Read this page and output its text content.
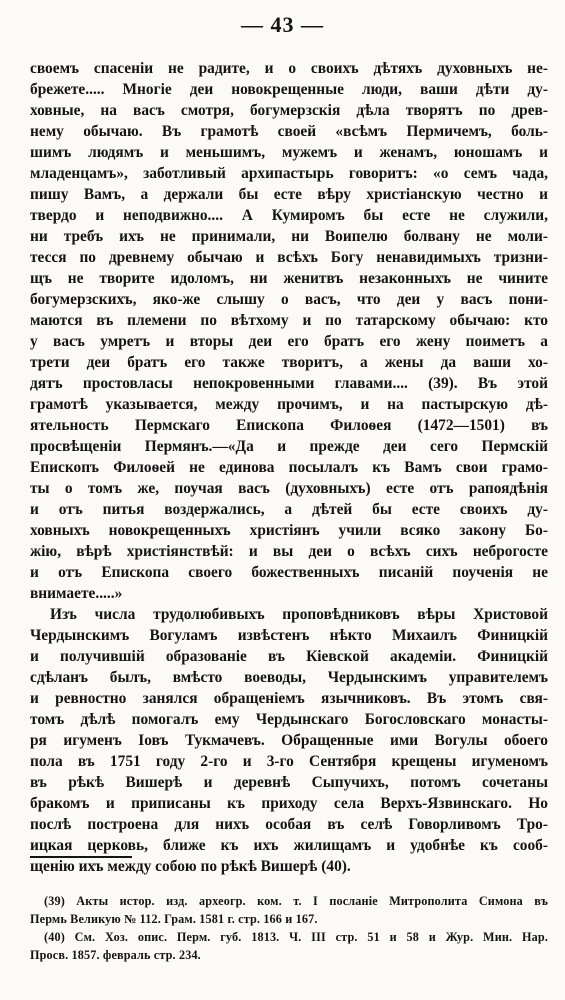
— 43 —
своемъ спасенiи не радите, и о своихъ дѣтяхъ духовныхъ не-
брежете..... Многiе деи новокрещенные люди, ваши дѣти ду-
ховные, на васъ смотря, богумерзскiя дѣла творятъ по древ-
нему обычаю. Въ грамотѣ своей «всѣмъ Пермичемъ, боль-
шимъ людямъ и меньшимъ, мужемъ и женамъ, юношамъ и
младенцамъ», заботливый архипастырь говоритъ: «о семъ чада,
пишу Вамъ, а держали бы есте вѣру христiанскую честно и
твердо и неподвижно.... А Кумиромъ бы есте не служили,
ни требъ ихъ не принимали, ни Воипелю болвану не моли-
тесся по древнему обычаю и всѣхъ Богу ненавидимыхъ тризни-
щъ не творите идоломъ, ни женитвъ незаконныхъ не чините
богумерзскихъ, яко-же слышу о васъ, что деи у васъ пони-
маются въ племени по вѣтхому и по татарскому обычаю: кто
у васъ умретъ и вторы деи его братъ его жену поиметъ а
трети деи братъ его также творитъ, а жены да ваши хо-
дятъ простовласы непокровенными главами.... (39). Въ этой
грамотѣ указывается, между прочимъ, и на пастырскую дѣ-
ятельность Пермскаго Епископа Филоѳея (1472—1501) въ
просвѣщенiи Пермянъ.—«Да и прежде деи сего Пермскiй
Епископъ Филоѳей не единова посылалъ къ Вамъ свои грамо-
ты о томъ же, поучая васъ (духовныхъ) есте отъ рапоядѣнiя
и отъ питья воздержались, а дѣтей бы есте своихъ ду-
ховныхъ новокрещенныхъ христiянъ учили всяко закону Бо-
жiю, вѣрѣ христiянствѣй: и вы деи о всѣхъ сихъ неброгосте
и отъ Епископа своего божественныхъ писанiй поученiя не
внимаете.....»
Изъ числа трудолюбивыхъ проповѣдниковъ вѣры Христовой
Чердынскимъ Вогуламъ извѣстенъ нѣкто Михаилъ Финицкiй
и получившiй образованiе въ Кiевской академiи. Финицкiй
сдѣланъ былъ, вмѣсто воеводы, Чердынскимъ управителемъ
и ревностно занялся обращенiемъ язычниковъ. Въ этомъ свя-
томъ дѣлѣ помогалъ ему Чердынскаго Богословскаго монасты-
ря игуменъ Iовъ Тукмачевъ. Обращенные ими Вогулы обоего
пола въ 1751 году 2-го и 3-го Сентября крещены игуменомъ
въ рѣкѣ Вишерѣ и деревнѣ Сыпучихъ, потомъ сочетаны
бракомъ и приписаны къ приходу села Верхъ-Язвинскаго. Но
послѣ построена для нихъ особая въ селѣ Говорливомъ Тро-
ицкая церковь, ближе къ ихъ жилищамъ и удобнѣе къ сооб-
щенiю ихъ между собою по рѣкѣ Вишерѣ (40).
(39) Акты истор. изд. археогр. ком. т. I посланiе Митрополита Симона въ
Пермь Великую № 112. Грам. 1581 г. стр. 166 и 167.
(40) См. Хоз. опис. Перм. губ. 1813. Ч. III стр. 51 и 58 и Жур. Мин. Нар.
Просв. 1857. февраль стр. 234.
